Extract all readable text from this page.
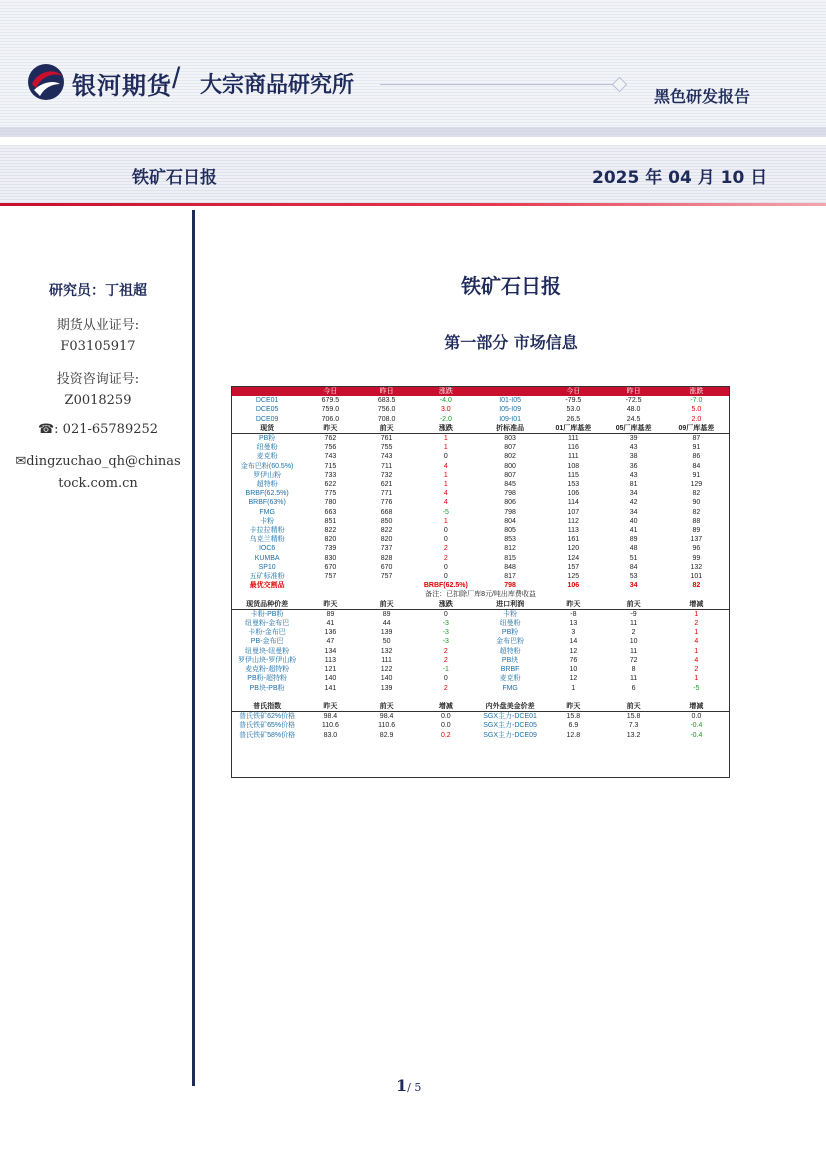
银河期货 / 大宗商品研究所	黑色研发报告
铁矿石日报	2025 年 04 月 10 日
研究员：丁祖超
期货从业证号:
F03105917
投资咨询证号:
Z0018259
☎: 021-65789252
✉dingzuchao_qh@chinas
tock.com.cn
铁矿石日报
第一部分 市场信息
	今日	昨日	涨跌		今日	昨日	涨跌
DCE01	679.5	683.5	-4.0	I01-I05	-79.5	-72.5	-7.0
DCE05	759.0	756.0	3.0	I05-I09	53.0	48.0	5.0
DCE09	706.0	708.0	-2.0	I09-I01	26.5	24.5	2.0
现货	昨天	前天	涨跌	折标准品	01厂库基差	05厂库基差	09厂库基差
PB粉	762	761	1	803	111	39	87
纽曼粉	756	755	1	807	116	43	91
麦克粉	743	743	0	802	111	38	86
金布巴粉(60.5%)	715	711	4	800	108	36	84
罗伊山粉	733	732	1	807	115	43	91
超特粉	622	621	1	845	153	81	129
BRBF(62.5%)	775	771	4	798	106	34	82
BRBF(63%)	780	776	4	806	114	42	90
FMG	663	668	-5	798	107	34	82
卡粉	851	850	1	804	112	40	88
卡拉拉精粉	822	822	0	805	113	41	89
乌克兰精粉	820	820	0	853	161	89	137
IOC6	739	737	2	812	120	48	96
KUMBA	830	828	2	815	124	51	99
SP10	670	670	0	848	157	84	132
五矿标准粉	757	757	0	817	125	53	101
最优交割品			BRBF(62.5%)	798	106	34	82
备注：已扣除厂库8元/吨出库费收益							
现货品种价差	昨天	前天	涨跌	进口利润	昨天	前天	增减
卡粉-PB粉	89	89	0	卡粉	-8	-9	1
纽曼粉-金布巴	41	44	-3	纽曼粉	13	11	2
卡粉-金布巴	136	139	-3	PB粉	3	2	1
PB-金布巴	47	50	-3	金布巴粉	14	10	4
纽曼块-纽曼粉	134	132	2	超特粉	12	11	1
罗伊山块-罗伊山粉	113	111	2	PB块	76	72	4
麦克粉-超特粉	121	122	-1	BRBF	10	8	2
PB粉-超特粉	140	140	0	麦克粉	12	11	1
PB块-PB粉	141	139	2	FMG	1	6	-5

普氏指数	昨天	前天	增减	内外盘美金价差	昨天	前天	增减
普氏铁矿62%价格	98.4	98.4	0.0	SGX主力-DCE01	15.8	15.8	0.0
普氏铁矿65%价格	110.6	110.6	0.0	SGX主力-DCE05	6.9	7.3	-0.4
普氏铁矿58%价格	83.0	82.9	0.2	SGX主力-DCE09	12.8	13.2	-0.4
1/ 5
